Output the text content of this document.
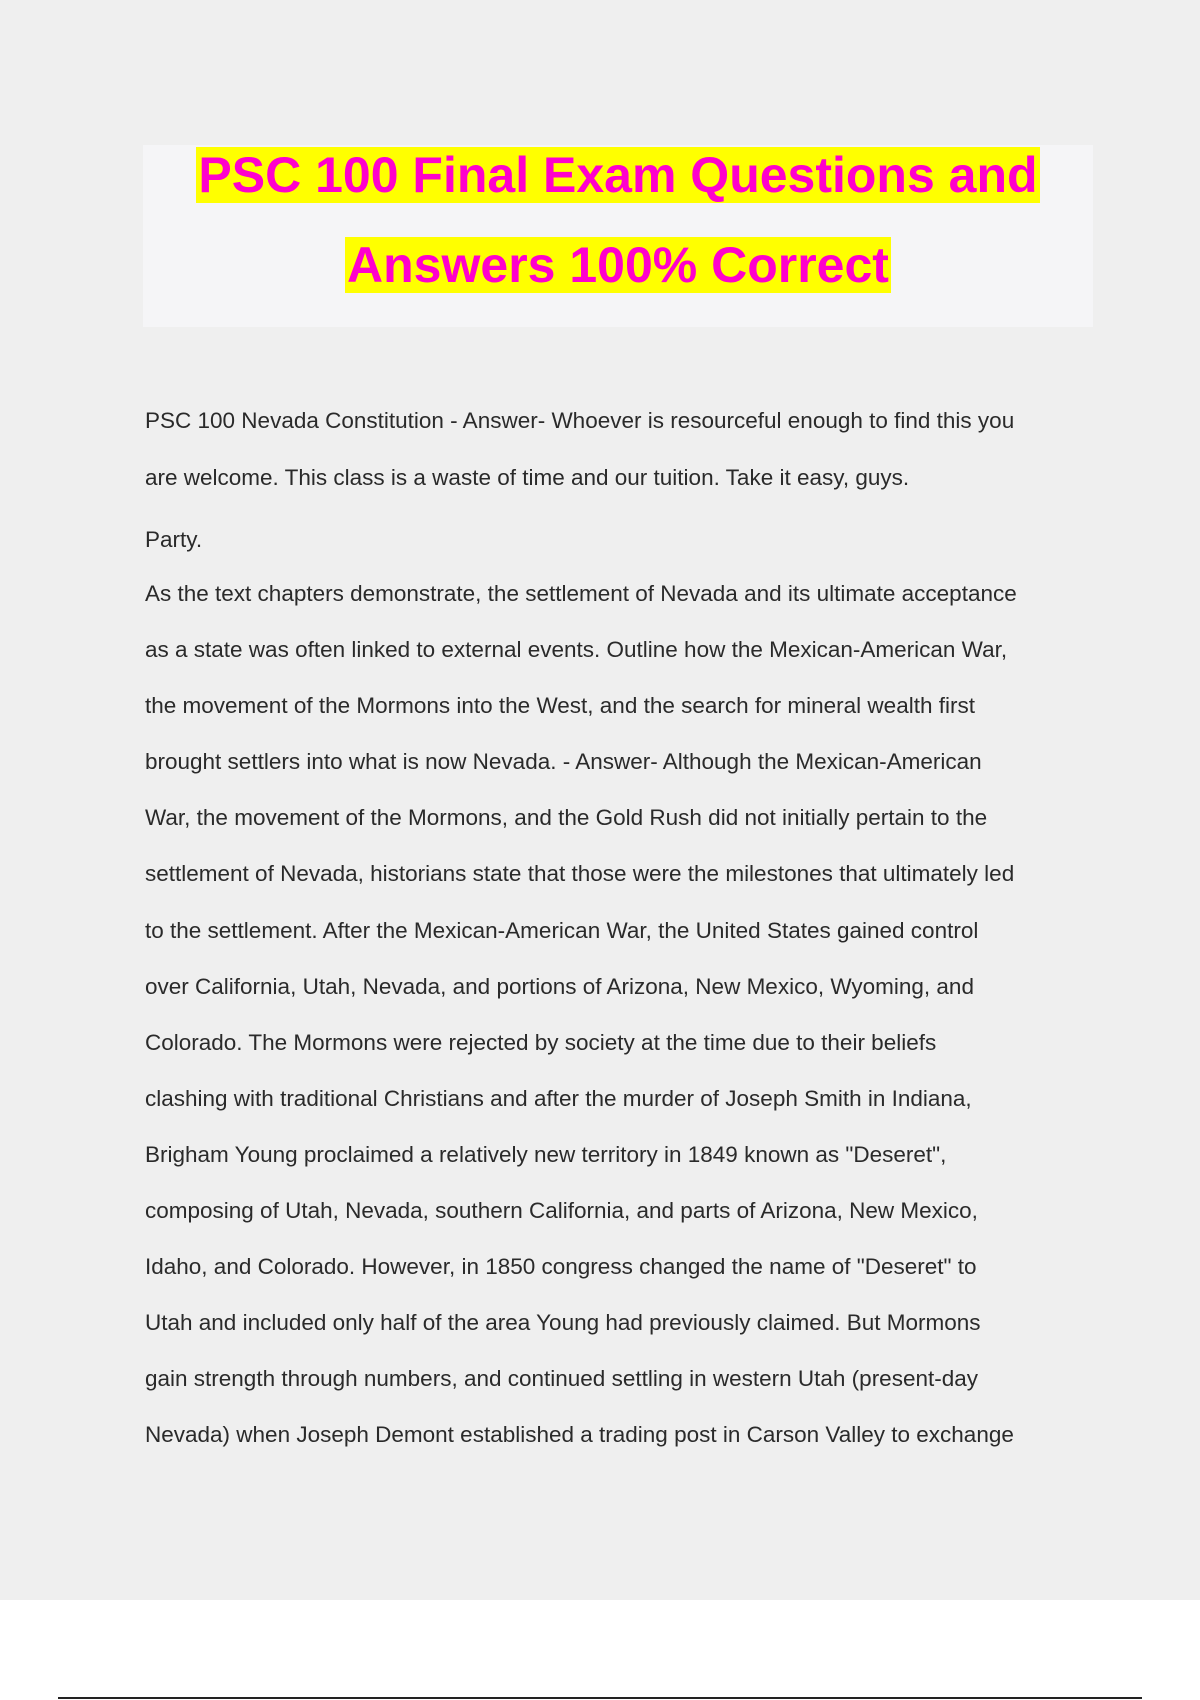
PSC 100 Final Exam Questions and
Answers 100% Correct
PSC 100 Nevada Constitution - Answer- Whoever is resourceful enough to find this you
are welcome. This class is a waste of time and our tuition. Take it easy, guys.
Party.
As the text chapters demonstrate, the settlement of Nevada and its ultimate acceptance
as a state was often linked to external events. Outline how the Mexican-American War,
the movement of the Mormons into the West, and the search for mineral wealth first
brought settlers into what is now Nevada. - Answer- Although the Mexican-American
War, the movement of the Mormons, and the Gold Rush did not initially pertain to the
settlement of Nevada, historians state that those were the milestones that ultimately led
to the settlement. After the Mexican-American War, the United States gained control
over California, Utah, Nevada, and portions of Arizona, New Mexico, Wyoming, and
Colorado. The Mormons were rejected by society at the time due to their beliefs
clashing with traditional Christians and after the murder of Joseph Smith in Indiana,
Brigham Young proclaimed a relatively new territory in 1849 known as "Deseret",
composing of Utah, Nevada, southern California, and parts of Arizona, New Mexico,
Idaho, and Colorado. However, in 1850 congress changed the name of "Deseret" to
Utah and included only half of the area Young had previously claimed. But Mormons
gain strength through numbers, and continued settling in western Utah (present-day
Nevada) when Joseph Demont established a trading post in Carson Valley to exchange
